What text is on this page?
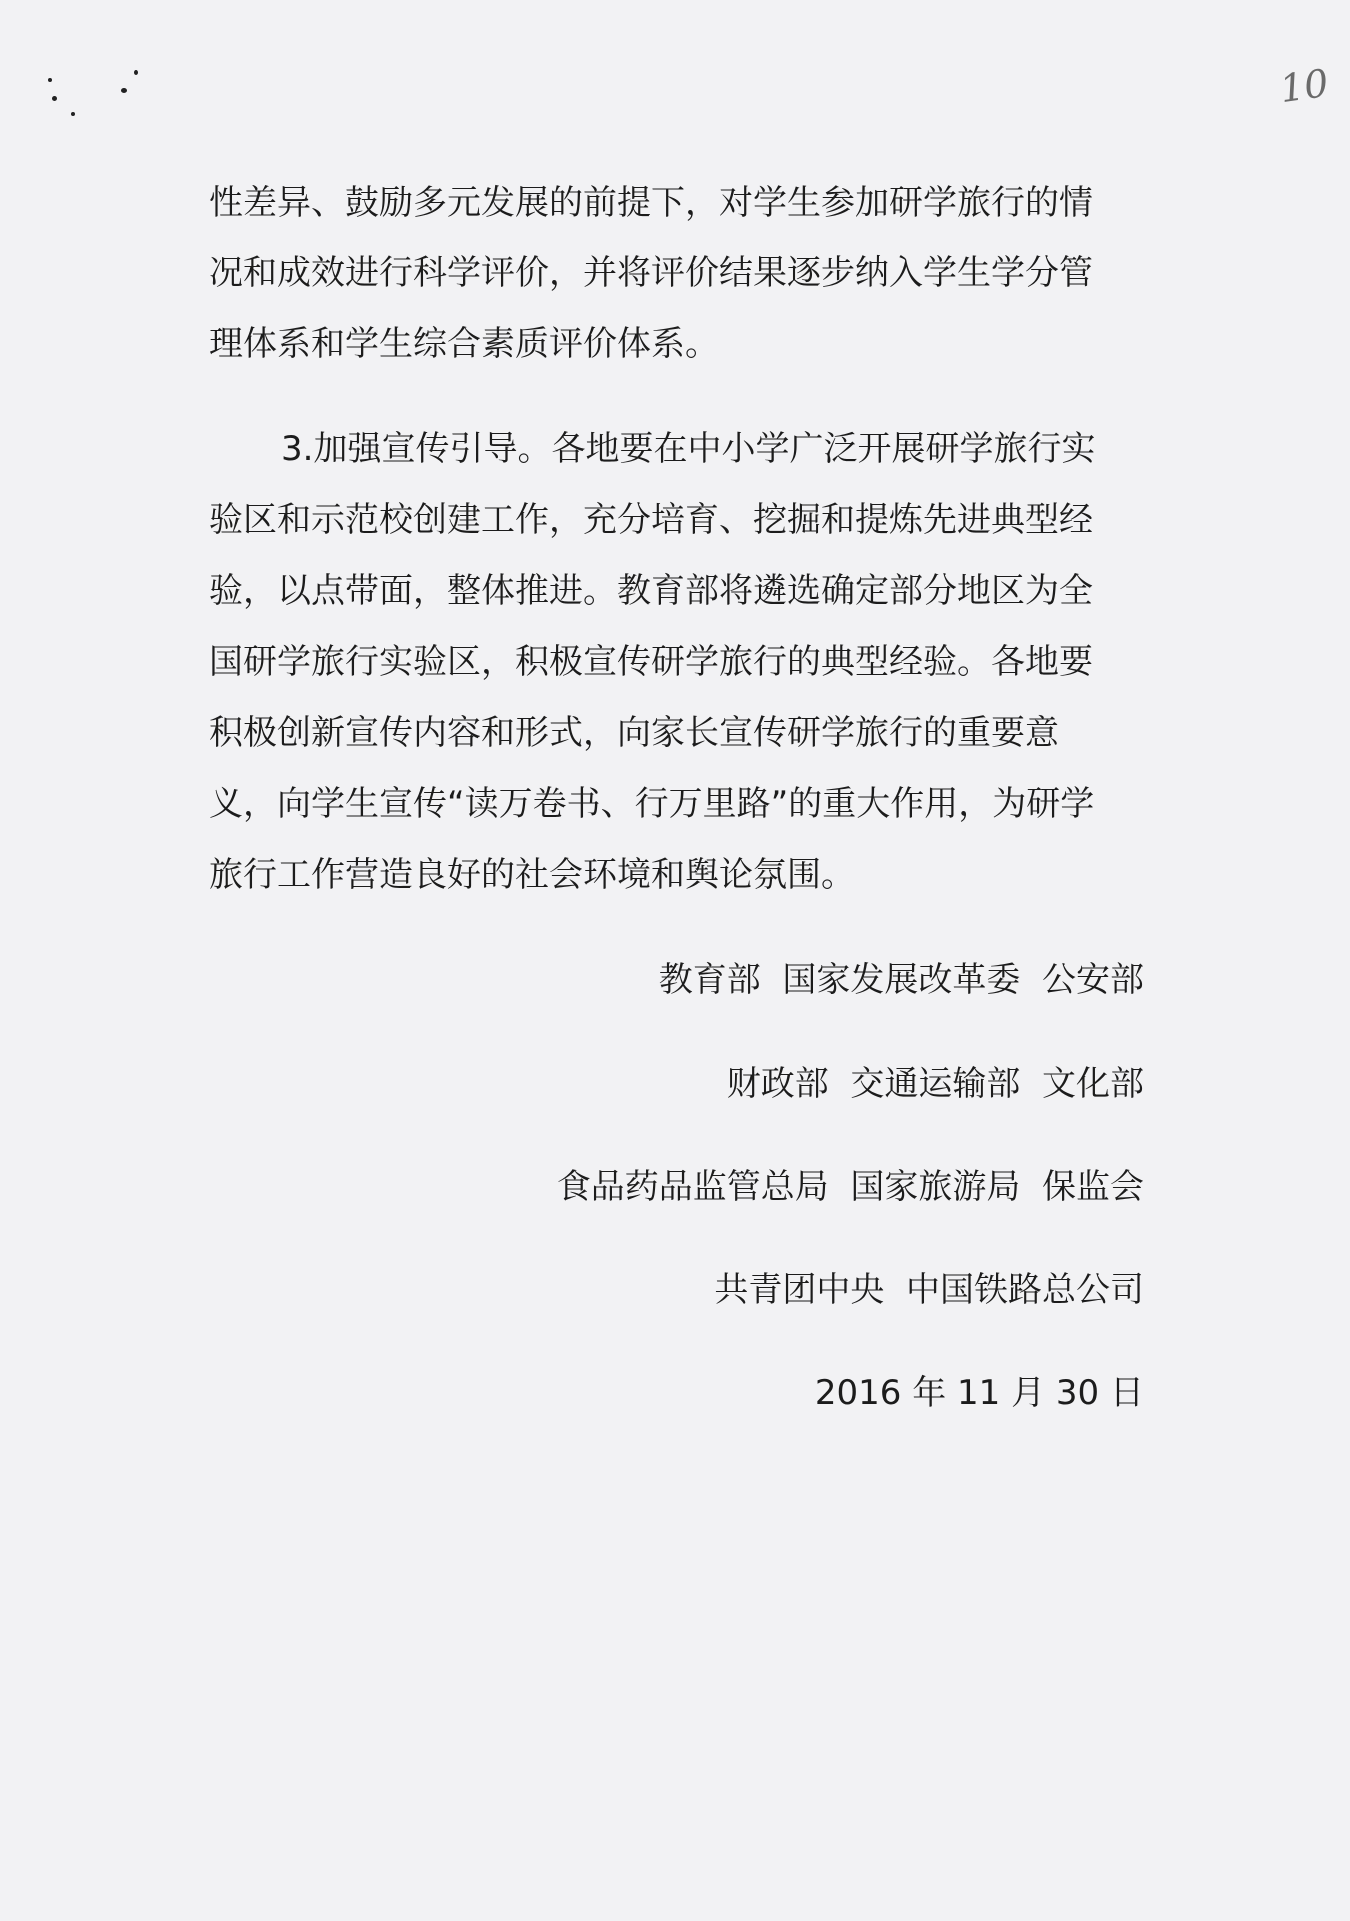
10
性差异、鼓励多元发展的前提下，对学生参加研学旅行的情
况和成效进行科学评价，并将评价结果逐步纳入学生学分管
理体系和学生综合素质评价体系。
3.加强宣传引导。各地要在中小学广泛开展研学旅行实
验区和示范校创建工作，充分培育、挖掘和提炼先进典型经
验，以点带面，整体推进。教育部将遴选确定部分地区为全
国研学旅行实验区，积极宣传研学旅行的典型经验。各地要
积极创新宣传内容和形式，向家长宣传研学旅行的重要意
义，向学生宣传“读万卷书、行万里路”的重大作用，为研学
旅行工作营造良好的社会环境和舆论氛围。
教育部  国家发展改革委  公安部
财政部  交通运输部  文化部
食品药品监管总局  国家旅游局  保监会
共青团中央  中国铁路总公司
2016 年 11 月 30 日
